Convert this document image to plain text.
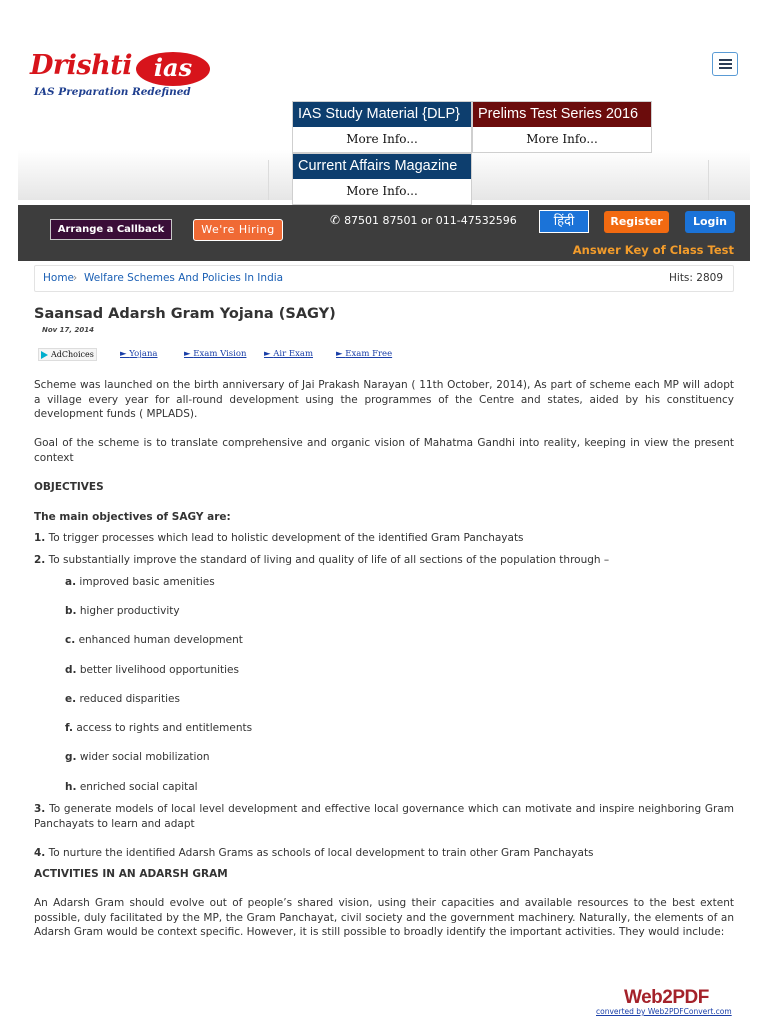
Drishti ias
IAS Preparation Redefined
IAS Study Material {DLP}
More Info...
Prelims Test Series 2016
More Info...
Current Affairs Magazine
More Info...
Arrange a Callback	We're Hiring
✆ 87501 87501 or 011-47532596	हिंदी	Register	Login
Answer Key of Class Test
Home
› Welfare Schemes And Policies In India	Hits: 2809
Saansad Adarsh Gram Yojana (SAGY)
Nov 17, 2014
AdChoices	► Yojana	► Exam Vision ► Air Exam	► Exam Free
Scheme was launched on the birth anniversary of Jai Prakash Narayan ( 11th October, 2014), As part of scheme each MP will adopt a village every year for all-round development using the programmes of the Centre and states, aided by his constituency development funds ( MPLADS).
Goal of the scheme is to translate comprehensive and organic vision of Mahatma Gandhi into reality, keeping in view the present context
OBJECTIVES
The main objectives of SAGY are:
1. To trigger processes which lead to holistic development of the identified Gram Panchayats
2. To substantially improve the standard of living and quality of life of all sections of the population through –
a. improved basic amenities
b. higher productivity
c. enhanced human development
d. better livelihood opportunities
e. reduced disparities
f. access to rights and entitlements
g. wider social mobilization
h. enriched social capital
3. To generate models of local level development and effective local governance which can motivate and inspire neighboring Gram Panchayats to learn and adapt
4. To nurture the identified Adarsh Grams as schools of local development to train other Gram Panchayats
ACTIVITIES IN AN ADARSH GRAM
An Adarsh Gram should evolve out of people’s shared vision, using their capacities and available resources to the best extent possible, duly facilitated by the MP, the Gram Panchayat, civil society and the government machinery. Naturally, the elements of an Adarsh Gram would be context specific. However, it is still possible to broadly identify the important activities. They would include:
Web2PDF
converted by Web2PDFConvert.com
